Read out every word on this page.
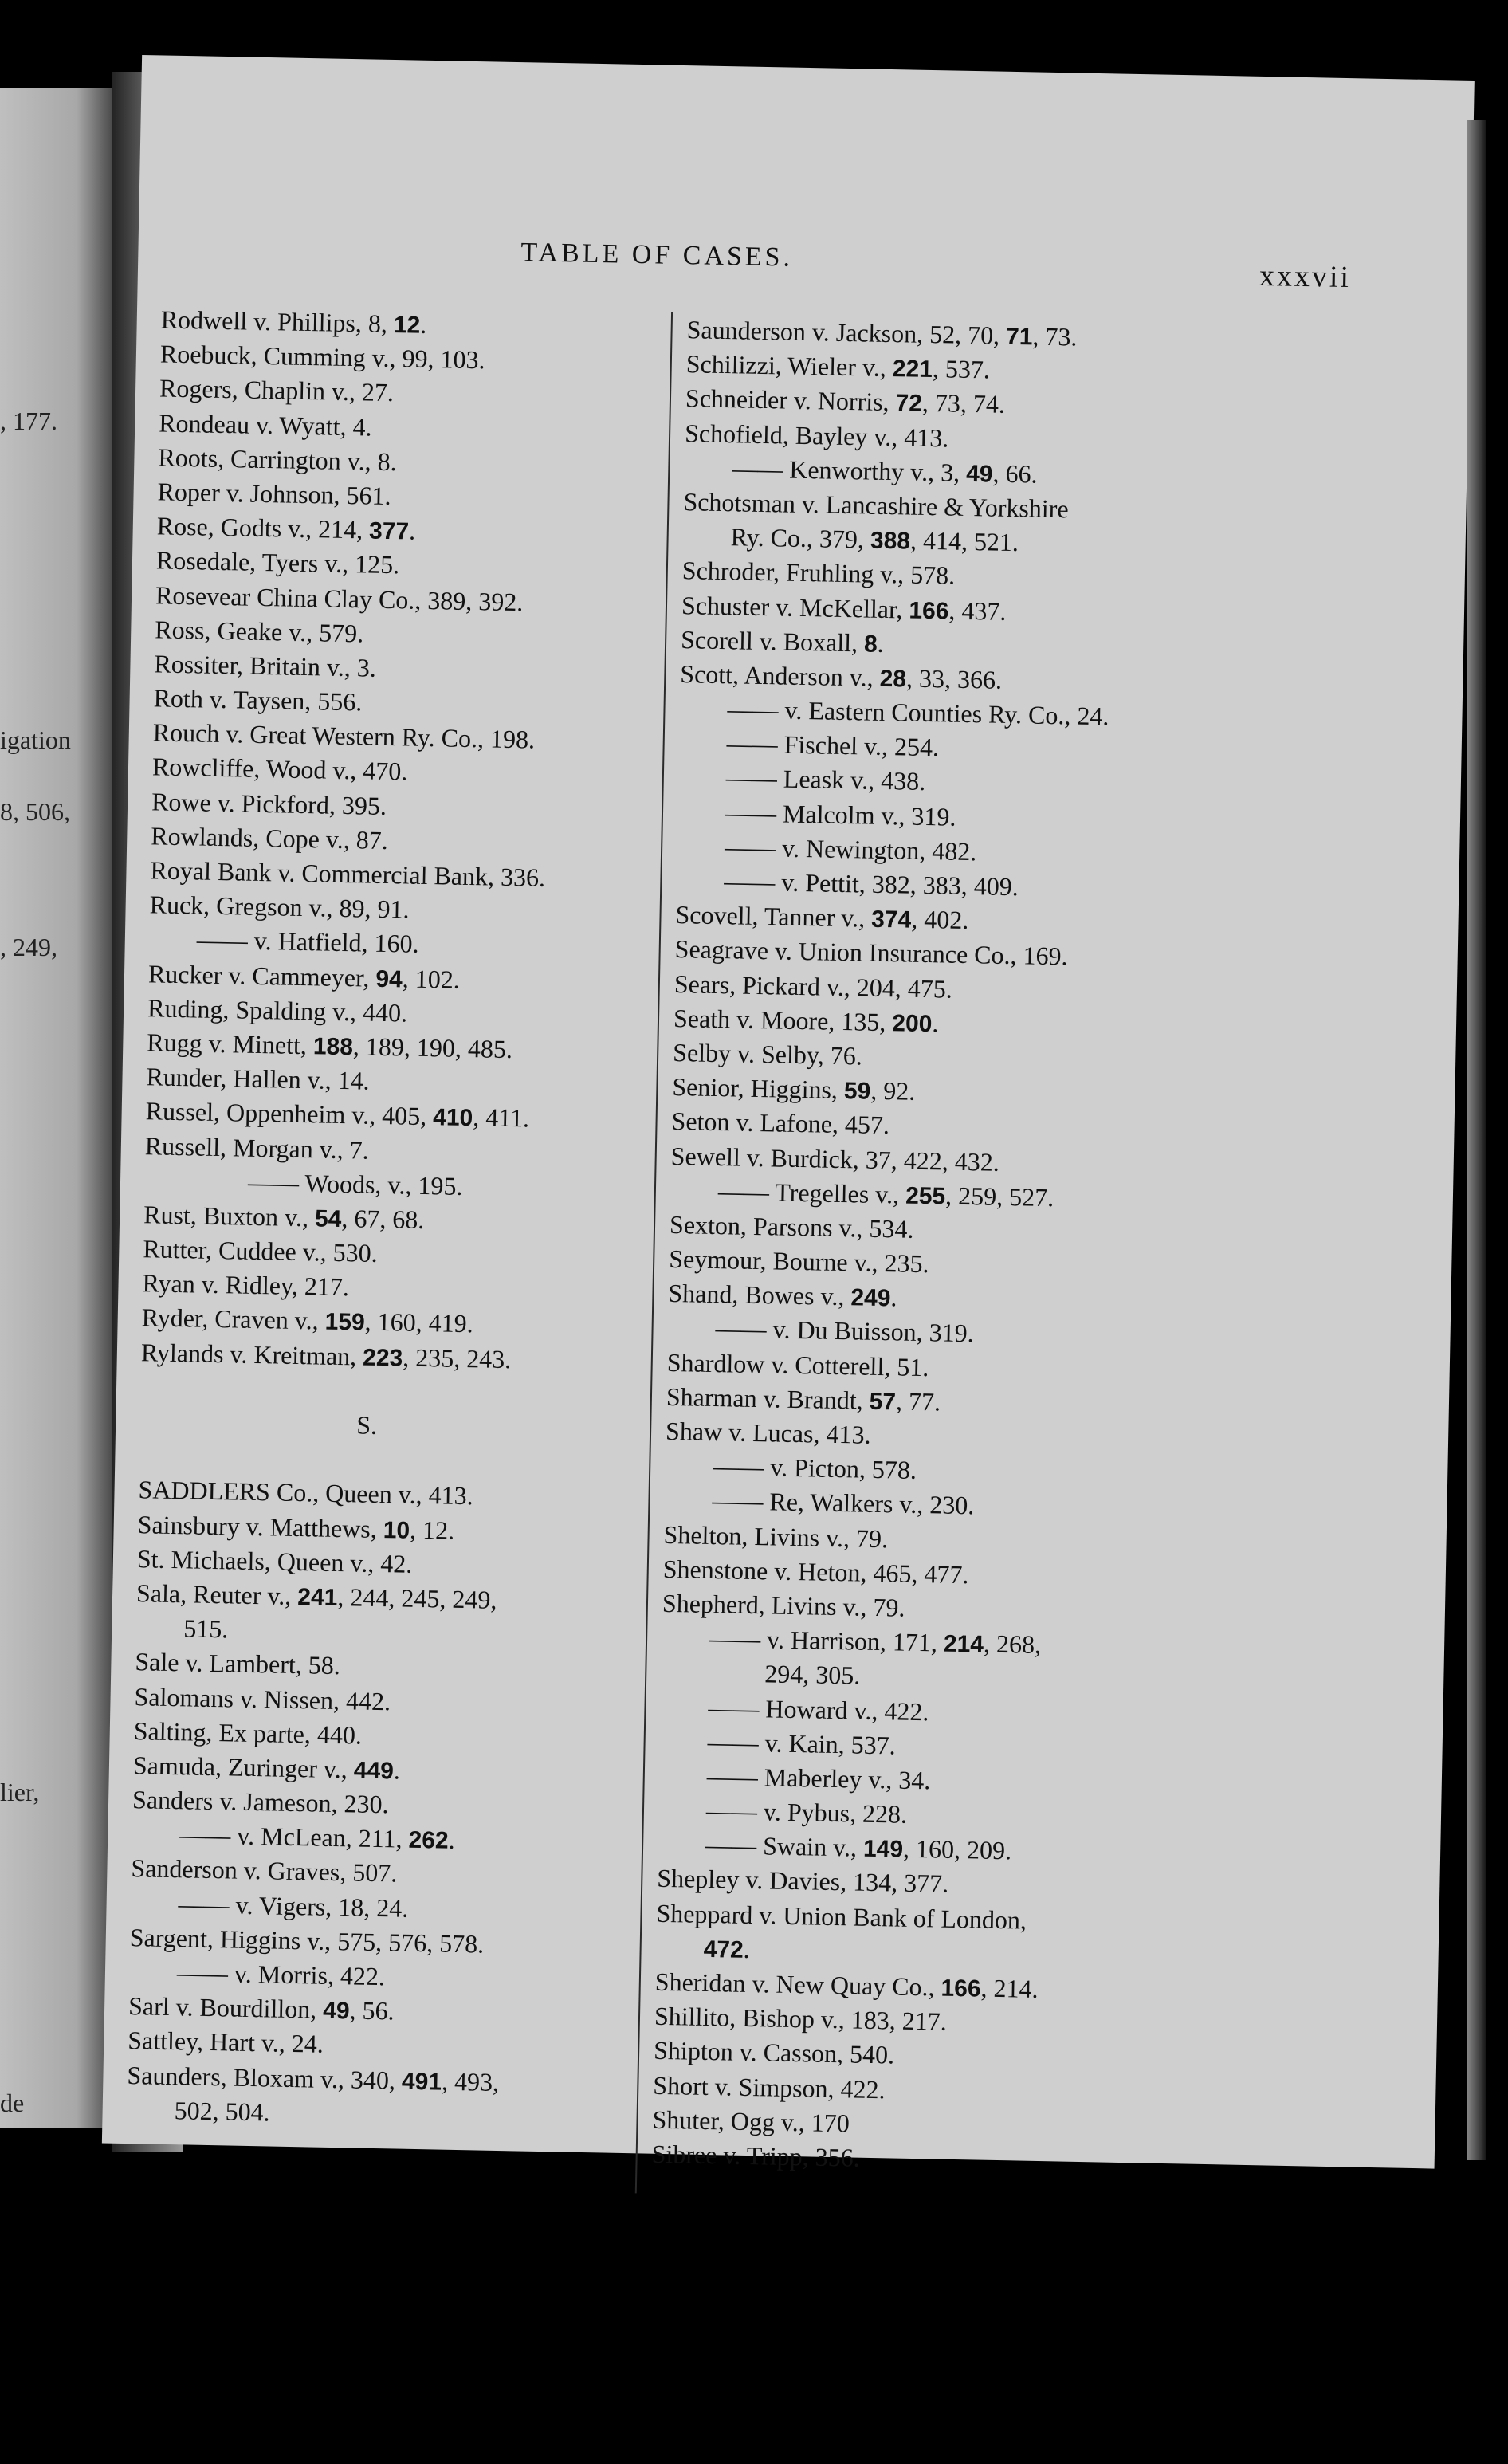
, 177.
igation
8, 506,
, 249,
lier,
de
TABLE OF CASES.
xxxvii
Rodwell v. Phillips, 8, 12.
Roebuck, Cumming v., 99, 103.
Rogers, Chaplin v., 27.
Rondeau v. Wyatt, 4.
Roots, Carrington v., 8.
Roper v. Johnson, 561.
Rose, Godts v., 214, 377.
Rosedale, Tyers v., 125.
Rosevear China Clay Co., 389, 392.
Ross, Geake v., 579.
Rossiter, Britain v., 3.
Roth v. Taysen, 556.
Rouch v. Great Western Ry. Co., 198.
Rowcliffe, Wood v., 470.
Rowe v. Pickford, 395.
Rowlands, Cope v., 87.
Royal Bank v. Commercial Bank, 336.
Ruck, Gregson v., 89, 91.
—— v. Hatfield, 160.
Rucker v. Cammeyer, 94, 102.
Ruding, Spalding v., 440.
Rugg v. Minett, 188, 189, 190, 485.
Runder, Hallen v., 14.
Russel, Oppenheim v., 405, 410, 411.
Russell, Morgan v., 7.
—— Woods, v., 195.
Rust, Buxton v., 54, 67, 68.
Rutter, Cuddee v., 530.
Ryan v. Ridley, 217.
Ryder, Craven v., 159, 160, 419.
Rylands v. Kreitman, 223, 235, 243.
S.
SADDLERS Co., Queen v., 413.
Sainsbury v. Matthews, 10, 12.
St. Michaels, Queen v., 42.
Sala, Reuter v., 241, 244, 245, 249,
515.
Sale v. Lambert, 58.
Salomans v. Nissen, 442.
Salting, Ex parte, 440.
Samuda, Zuringer v., 449.
Sanders v. Jameson, 230.
—— v. McLean, 211, 262.
Sanderson v. Graves, 507.
—— v. Vigers, 18, 24.
Sargent, Higgins v., 575, 576, 578.
—— v. Morris, 422.
Sarl v. Bourdillon, 49, 56.
Sattley, Hart v., 24.
Saunders, Bloxam v., 340, 491, 493,
502, 504.
Saunderson v. Jackson, 52, 70, 71, 73.
Schilizzi, Wieler v., 221, 537.
Schneider v. Norris, 72, 73, 74.
Schofield, Bayley v., 413.
—— Kenworthy v., 3, 49, 66.
Schotsman v. Lancashire & Yorkshire
Ry. Co., 379, 388, 414, 521.
Schroder, Fruhling v., 578.
Schuster v. McKellar, 166, 437.
Scorell v. Boxall, 8.
Scott, Anderson v., 28, 33, 366.
—— v. Eastern Counties Ry. Co., 24.
—— Fischel v., 254.
—— Leask v., 438.
—— Malcolm v., 319.
—— v. Newington, 482.
—— v. Pettit, 382, 383, 409.
Scovell, Tanner v., 374, 402.
Seagrave v. Union Insurance Co., 169.
Sears, Pickard v., 204, 475.
Seath v. Moore, 135, 200.
Selby v. Selby, 76.
Senior, Higgins, 59, 92.
Seton v. Lafone, 457.
Sewell v. Burdick, 37, 422, 432.
—— Tregelles v., 255, 259, 527.
Sexton, Parsons v., 534.
Seymour, Bourne v., 235.
Shand, Bowes v., 249.
—— v. Du Buisson, 319.
Shardlow v. Cotterell, 51.
Sharman v. Brandt, 57, 77.
Shaw v. Lucas, 413.
—— v. Picton, 578.
—— Re, Walkers v., 230.
Shelton, Livins v., 79.
Shenstone v. Heton, 465, 477.
Shepherd, Livins v., 79.
—— v. Harrison, 171, 214, 268,
294, 305.
—— Howard v., 422.
—— v. Kain, 537.
—— Maberley v., 34.
—— v. Pybus, 228.
—— Swain v., 149, 160, 209.
Shepley v. Davies, 134, 377.
Sheppard v. Union Bank of London,
472.
Sheridan v. New Quay Co., 166, 214.
Shillito, Bishop v., 183, 217.
Shipton v. Casson, 540.
Short v. Simpson, 422.
Shuter, Ogg v., 170
Sibree v. Tripp, 356.
